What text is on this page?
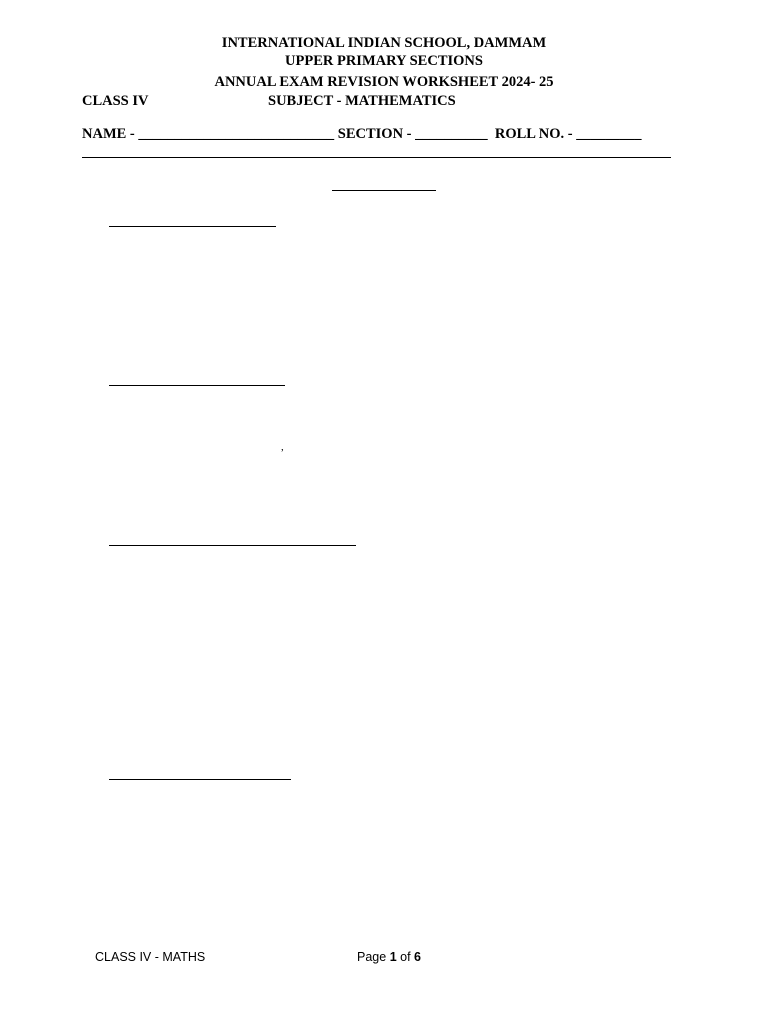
INTERNATIONAL INDIAN SCHOOL, DAMMAM
UPPER PRIMARY SECTIONS
ANNUAL EXAM REVISION WORKSHEET 2024- 25
CLASS IV	SUBJECT - MATHEMATICS
NAME - ___________________________ SECTION - __________ ROLL NO. - _________
,
CLASS IV - MATHS	Page 1 of 6
